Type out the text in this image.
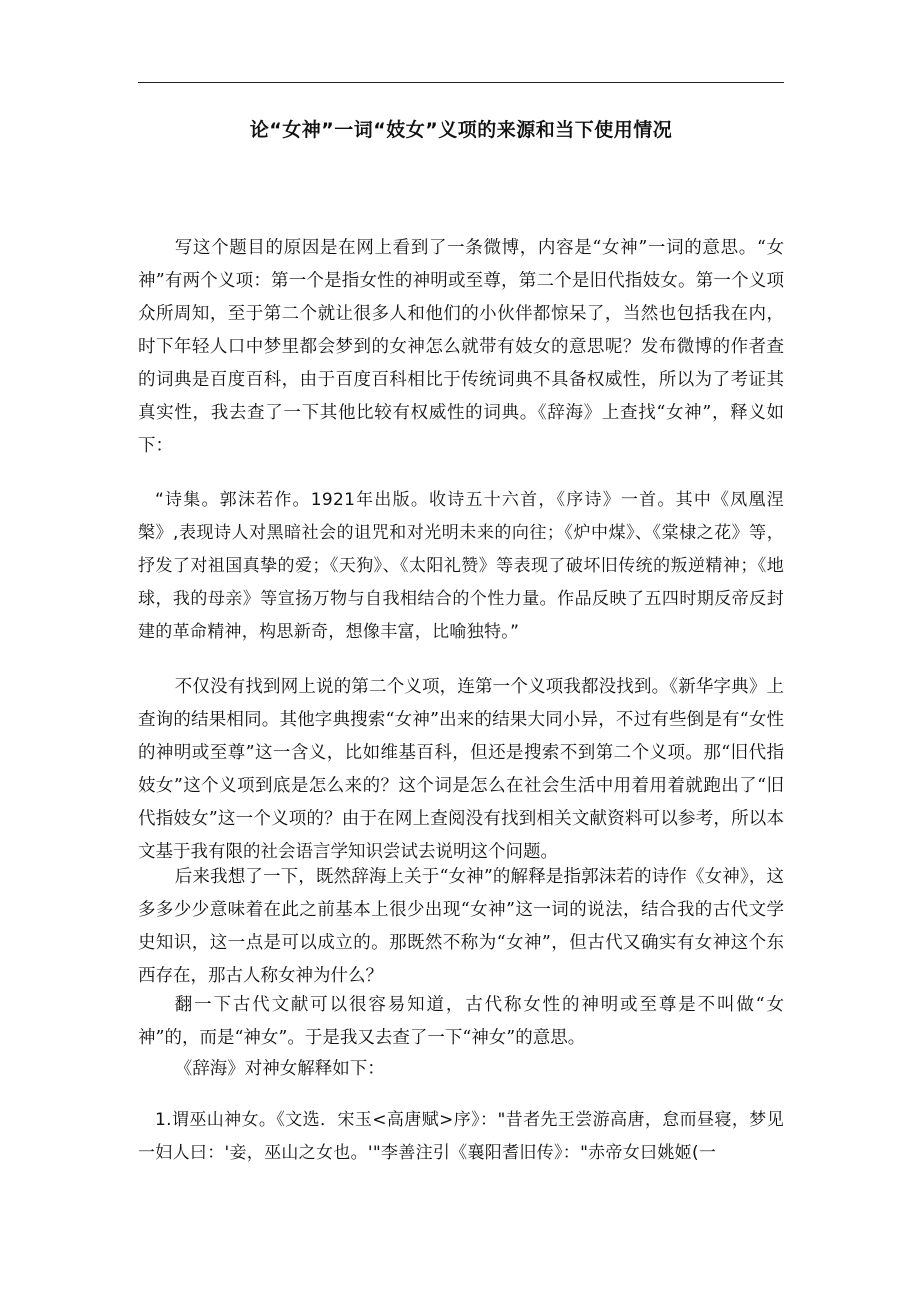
论“女神”一词“妓女”义项的来源和当下使用情况

写这个题目的原因是在网上看到了一条微博，内容是“女神”一词的意思。“女神”有两个义项：第一个是指女性的神明或至尊，第二个是旧代指妓女。第一个义项众所周知，至于第二个就让很多人和他们的小伙伴都惊呆了，当然也包括我在内，时下年轻人口中梦里都会梦到的女神怎么就带有妓女的意思呢？发布微博的作者查的词典是百度百科，由于百度百科相比于传统词典不具备权威性，所以为了考证其真实性，我去查了一下其他比较有权威性的词典。《辞海》上查找“女神”，释义如下：

“诗集。郭沫若作。1921年出版。收诗五十六首，《序诗》一首。其中《凤凰涅槃》,表现诗人对黑暗社会的诅咒和对光明未来的向往；《炉中煤》、《棠棣之花》等，抒发了对祖国真挚的爱；《天狗》、《太阳礼赞》等表现了破坏旧传统的叛逆精神；《地球，我的母亲》等宣扬万物与自我相结合的个性力量。作品反映了五四时期反帝反封建的革命精神，构思新奇，想像丰富，比喻独特。”

不仅没有找到网上说的第二个义项，连第一个义项我都没找到。《新华字典》上查询的结果相同。其他字典搜索“女神”出来的结果大同小异，不过有些倒是有“女性的神明或至尊”这一含义，比如维基百科，但还是搜索不到第二个义项。那“旧代指妓女”这个义项到底是怎么来的？这个词是怎么在社会生活中用着用着就跑出了“旧代指妓女”这一个义项的？由于在网上查阅没有找到相关文献资料可以参考，所以本文基于我有限的社会语言学知识尝试去说明这个问题。

后来我想了一下，既然辞海上关于“女神”的解释是指郭沫若的诗作《女神》，这多多少少意味着在此之前基本上很少出现“女神”这一词的说法，结合我的古代文学史知识，这一点是可以成立的。那既然不称为“女神”，但古代又确实有女神这个东西存在，那古人称女神为什么？

翻一下古代文献可以很容易知道，古代称女性的神明或至尊是不叫做“女神”的，而是“神女”。于是我又去查了一下“神女”的意思。

《辞海》对神女解释如下：

1.谓巫山神女。《文选．宋玉<高唐赋>序》："昔者先王尝游高唐，怠而昼寝，梦见一妇人曰：'妾，巫山之女也。'"李善注引《襄阳耆旧传》："赤帝女曰姚姬(一
